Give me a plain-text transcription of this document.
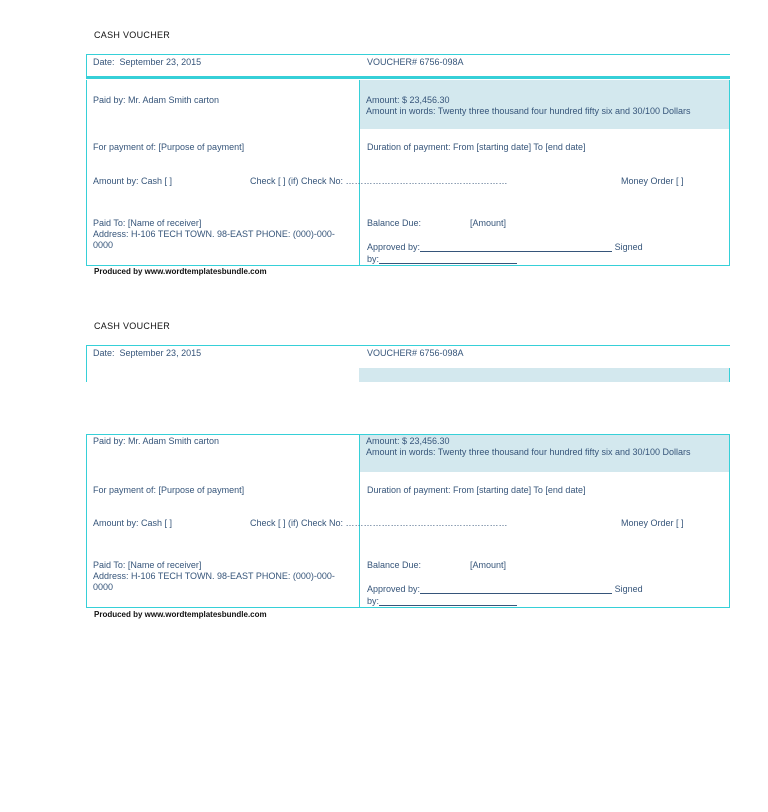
CASH VOUCHER
Date: September 23, 2015	VOUCHER# 6756-098A
Paid by: Mr. Adam Smith carton	Amount: $ 23,456.30
Amount in words: Twenty three thousand four hundred fifty six and 30/100 Dollars
For payment of: [Purpose of payment]	Duration of payment: From [starting date] To [end date]
Amount by: Cash [ ]	Check [ ] (if) Check No: ………………………………………………	Money Order [ ]
Paid To: [Name of receiver]
Address: H-106 TECH TOWN. 98-EAST PHONE: (000)-000-0000
Balance Due:	[Amount]
Approved by:	Signed
by:
Produced by www.wordtemplatesbundle.com
CASH VOUCHER
Date: September 23, 2015	VOUCHER# 6756-098A
Paid by: Mr. Adam Smith carton	Amount: $ 23,456.30
Amount in words: Twenty three thousand four hundred fifty six and 30/100 Dollars
For payment of: [Purpose of payment]	Duration of payment: From [starting date] To [end date]
Amount by: Cash [ ]	Check [ ] (if) Check No: ………………………………………………	Money Order [ ]
Paid To: [Name of receiver]
Address: H-106 TECH TOWN. 98-EAST PHONE: (000)-000-0000
Balance Due:	[Amount]
Approved by:	Signed
by:
Produced by www.wordtemplatesbundle.com
